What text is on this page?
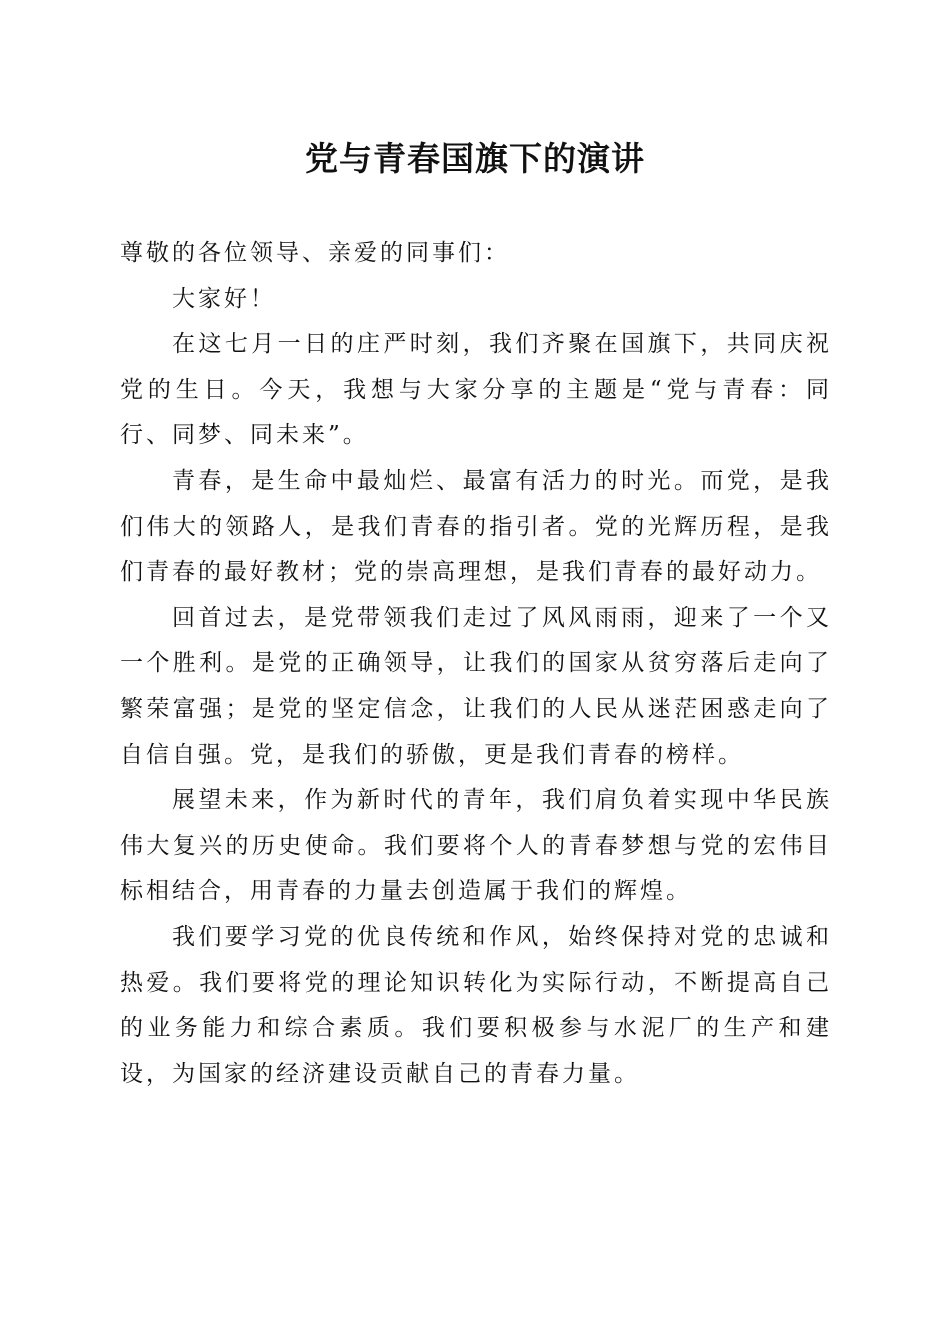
党与青春国旗下的演讲

尊敬的各位领导、亲爱的同事们：

大家好！

在这七月一日的庄严时刻，我们齐聚在国旗下，共同庆祝党的生日。今天，我想与大家分享的主题是“党与青春：同行、同梦、同未来”。

青春，是生命中最灿烂、最富有活力的时光。而党，是我们伟大的领路人，是我们青春的指引者。党的光辉历程，是我们青春的最好教材；党的崇高理想，是我们青春的最好动力。

回首过去，是党带领我们走过了风风雨雨，迎来了一个又一个胜利。是党的正确领导，让我们的国家从贫穷落后走向了繁荣富强；是党的坚定信念，让我们的人民从迷茫困惑走向了自信自强。党，是我们的骄傲，更是我们青春的榜样。

展望未来，作为新时代的青年，我们肩负着实现中华民族伟大复兴的历史使命。我们要将个人的青春梦想与党的宏伟目标相结合，用青春的力量去创造属于我们的辉煌。

我们要学习党的优良传统和作风，始终保持对党的忠诚和热爱。我们要将党的理论知识转化为实际行动，不断提高自己的业务能力和综合素质。我们要积极参与水泥厂的生产和建设，为国家的经济建设贡献自己的青春力量。
